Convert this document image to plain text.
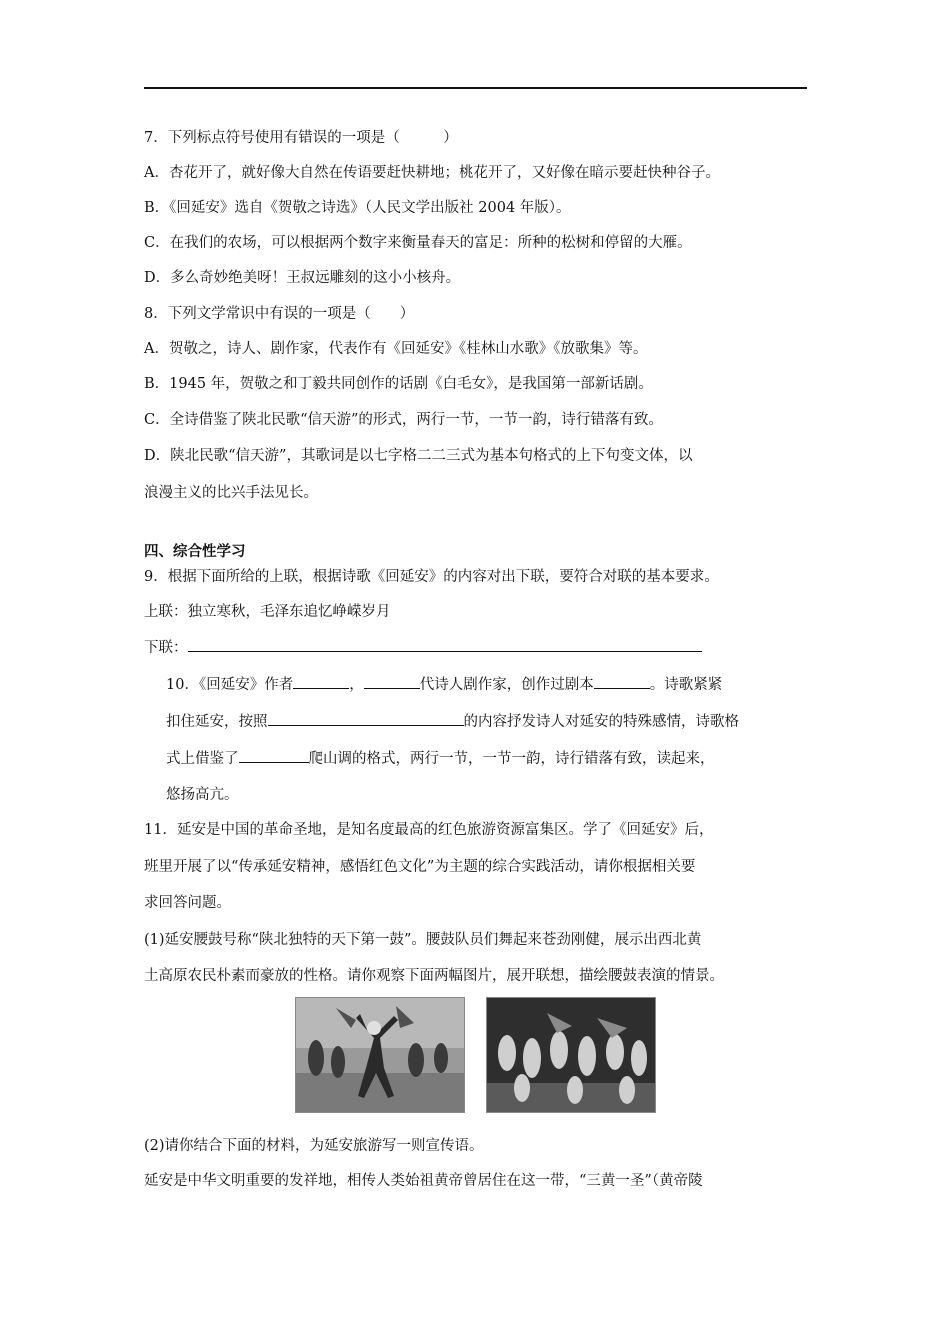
7．下列标点符号使用有错误的一项是（　　　）
A．杏花开了，就好像大自然在传语要赶快耕地；桃花开了，又好像在暗示要赶快种谷子。
B．《回延安》选自《贺敬之诗选》（人民文学出版社 2004 年版）。
C．在我们的农场，可以根据两个数字来衡量春天的富足：所种的松树和停留的大雁。
D．多么奇妙绝美呀！王叔远雕刻的这小小核舟。
8．下列文学常识中有误的一项是（　　）
A．贺敬之，诗人、剧作家，代表作有《回延安》《桂林山水歌》《放歌集》等。
B．1945 年，贺敬之和丁毅共同创作的话剧《白毛女》，是我国第一部新话剧。
C．全诗借鉴了陕北民歌“信天游”的形式，两行一节，一节一韵，诗行错落有致。
D．陕北民歌“信天游”，其歌词是以七字格二二三式为基本句格式的上下句变文体，以
浪漫主义的比兴手法见长。
四、综合性学习
9．根据下面所给的上联，根据诗歌《回延安》的内容对出下联，要符合对联的基本要求。
上联：独立寒秋，毛泽东追忆峥嵘岁月
下联：
10．《回延安》作者	，	代诗人剧作家，创作过剧本	。诗歌紧紧
扣住延安，按照	的内容抒发诗人对延安的特殊感情，诗歌格
式上借鉴了	爬山调的格式，两行一节，一节一韵，诗行错落有致，读起来，
悠扬高亢。
11．延安是中国的革命圣地，是知名度最高的红色旅游资源富集区。学了《回延安》后，
班里开展了以“传承延安精神，感悟红色文化”为主题的综合实践活动，请你根据相关要
求回答问题。
(1)延安腰鼓号称“陕北独特的天下第一鼓”。腰鼓队员们舞起来苍劲刚健，展示出西北黄
土高原农民朴素而豪放的性格。请你观察下面两幅图片，展开联想，描绘腰鼓表演的情景。
(2)请你结合下面的材料，为延安旅游写一则宣传语。
延安是中华文明重要的发祥地，相传人类始祖黄帝曾居住在这一带，“三黄一圣”（黄帝陵
